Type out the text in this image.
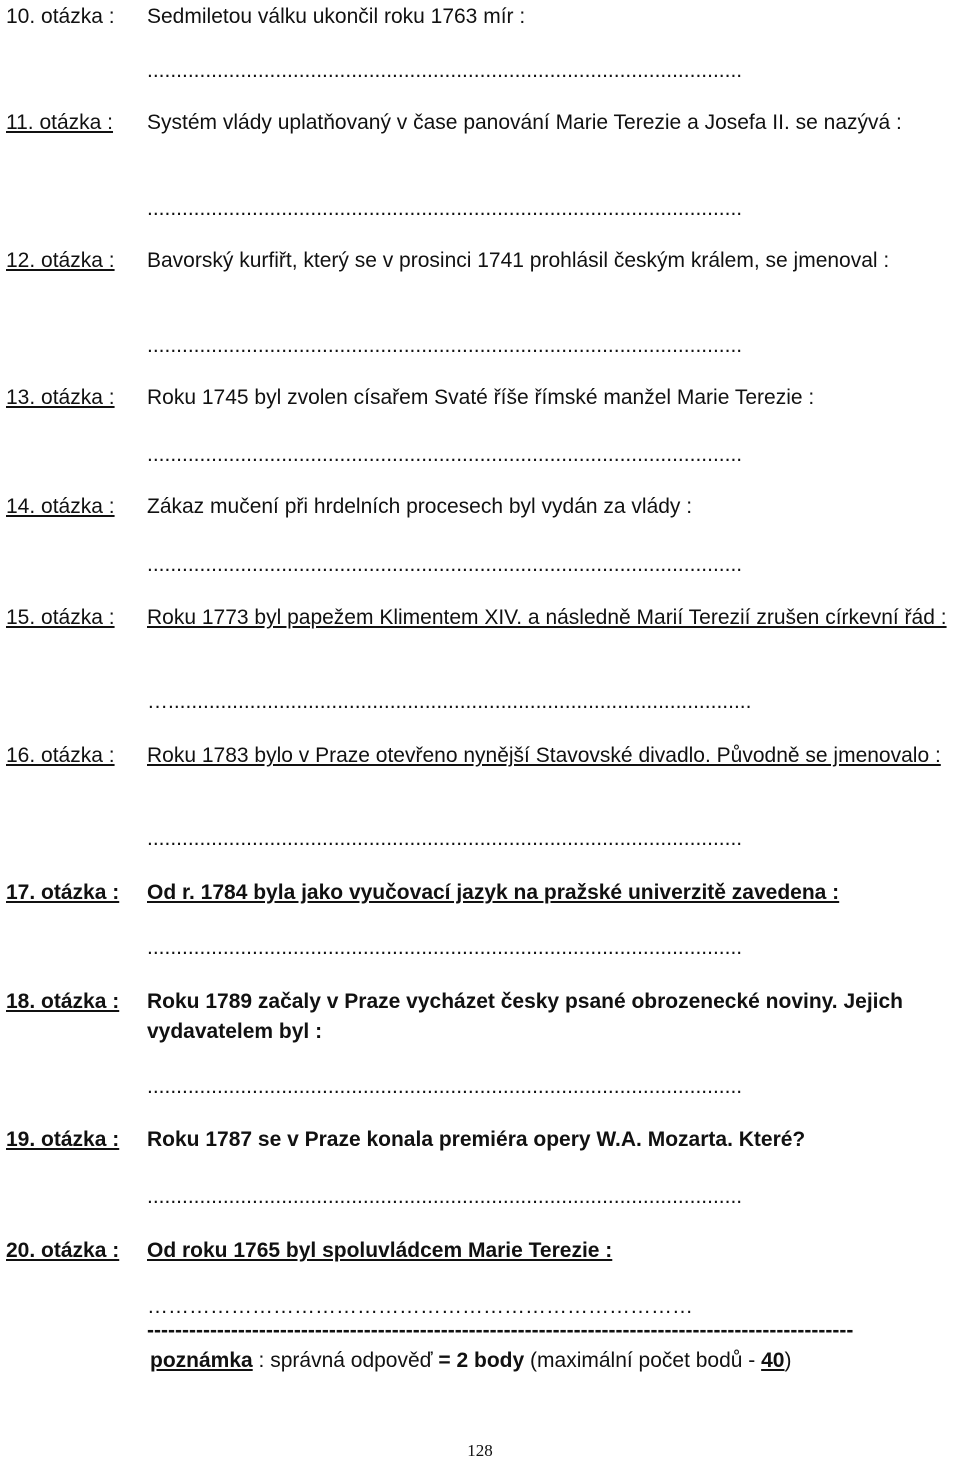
10. otázka : Sedmiletou válku ukončil roku 1763 mír :
......................................................................................................
11. otázka : Systém vlády uplatňovaný v čase panování Marie Terezie a Josefa II. se nazývá :
......................................................................................................
12. otázka : Bavorský kurfiřt, který se v prosinci 1741 prohlásil českým králem, se jmenoval :
......................................................................................................
13. otázka : Roku 1745 byl zvolen císařem Svaté říše římské manžel Marie Terezie :
......................................................................................................
14. otázka : Zákaz mučení při hrdelních procesech byl vydán za vlády :
......................................................................................................
15. otázka : Roku 1773 byl papežem Klimentem XIV. a následně Marií Terezií zrušen církevní řád :
…....................................................................................................
16. otázka : Roku 1783 bylo v Praze otevřeno nynější Stavovské divadlo. Původně se jmenovalo :
......................................................................................................
17. otázka : Od r. 1784 byla jako vyučovací jazyk na pražské univerzitě zavedena :
......................................................................................................
18. otázka : Roku 1789 začaly v Praze vycházet česky psané obrozenecké noviny. Jejich vydavatelem byl :
......................................................................................................
19. otázka : Roku 1787 se v Praze konala premiéra opery W.A. Mozarta. Které?
......................................................................................................
20. otázka : Od roku 1765 byl spoluvládcem Marie Terezie :
……………………………………………………………………
-----------------------------------------------------------------------------------------------------
poznámka : správná odpověď = 2 body (maximální počet bodů - 40)
128
